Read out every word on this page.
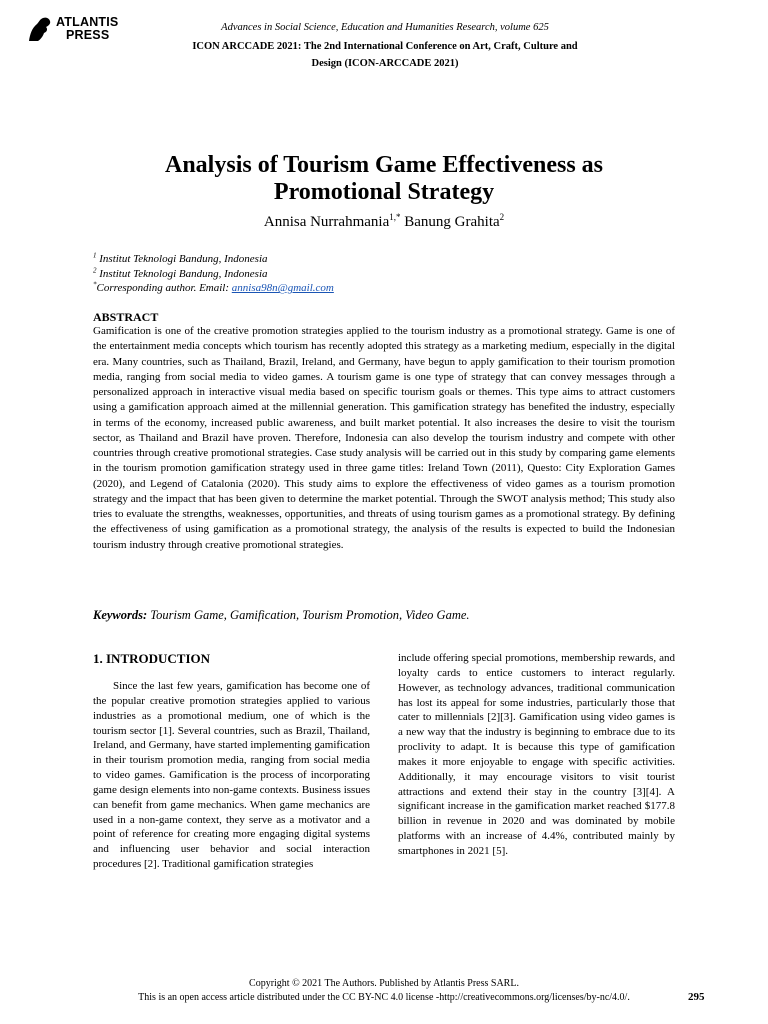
ATLANTIS
PRESS
Advances in Social Science, Education and Humanities Research, volume 625
ICON ARCCADE 2021: The 2nd International Conference on Art, Craft, Culture and
Design (ICON-ARCCADE 2021)
Analysis of Tourism Game Effectiveness as
Promotional Strategy
Annisa Nurrahmania$^{1,*}$ Banung Grahita$^2$
$^1$ Institut Teknologi Bandung, Indonesia
$^2$ Institut Teknologi Bandung, Indonesia
*Corresponding author. Email: annisa98n@gmail.com
ABSTRACT

Gamification is one of the creative promotion strategies applied to the tourism industry as a promotional strategy. Game is one of the entertainment media concepts which tourism has recently adopted this strategy as a marketing medium, especially in the digital era. Many countries, such as Thailand, Brazil, Ireland, and Germany, have begun to apply gamification to their tourism promotion media, ranging from social media to video games. A tourism game is one type of strategy that can convey messages through a personalized approach in interactive visual media based on specific tourism goals or themes. This type aims to attract customers using a gamification approach aimed at the millennial generation. This gamification strategy has benefited the industry, especially in terms of the economy, increased public awareness, and built market potential. It also increases the desire to visit the tourism sector, as Thailand and Brazil have proven. Therefore, Indonesia can also develop the tourism industry and compete with other countries through creative promotional strategies. Case study analysis will be carried out in this study by comparing game elements in the tourism promotion gamification strategy used in three game titles: Ireland Town (2011), Questo: City Exploration Games (2020), and Legend of Catalonia (2020). This study aims to explore the effectiveness of video games as a tourism promotion strategy and the impact that has been given to determine the market potential. Through the SWOT analysis method; This study also tries to evaluate the strengths, weaknesses, opportunities, and threats of using tourism games as a promotional strategy. By defining the effectiveness of using gamification as a promotional strategy, the analysis of the results is expected to build the Indonesian tourism industry through creative promotional strategies.

Keywords: Tourism Game, Gamification, Tourism Promotion, Video Game.
1. INTRODUCTION

Since the last few years, gamification has become one of the popular creative promotion strategies applied to various industries as a promotional medium, one of which is the tourism sector [1]. Several countries, such as Brazil, Thailand, Ireland, and Germany, have started implementing gamification in their tourism promotion media, ranging from social media to video games. Gamification is the process of incorporating game design elements into non-game contexts. Business issues can benefit from game mechanics. When game mechanics are used in a non-game context, they serve as a motivator and a point of reference for creating more engaging digital systems and influencing user behavior and social interaction procedures [2]. Traditional gamification strategies

include offering special promotions, membership rewards, and loyalty cards to entice customers to interact regularly. However, as technology advances, traditional communication has lost its appeal for some industries, particularly those that cater to millennials [2][3]. Gamification using video games is a new way that the industry is beginning to embrace due to its proclivity to adapt. It is because this type of gamification makes it more enjoyable to engage with specific activities. Additionally, it may encourage visitors to visit tourist attractions and extend their stay in the country [3][4]. A significant increase in the gamification market reached $177.8 billion in revenue in 2020 and was dominated by mobile platforms with an increase of 4.4%, contributed mainly by smartphones in 2021 [5].

Copyright © 2021 The Authors. Published by Atlantis Press SARL.
This is an open access article distributed under the CC BY-NC 4.0 license -http://creativecommons.org/licenses/by-nc/4.0/.	295
